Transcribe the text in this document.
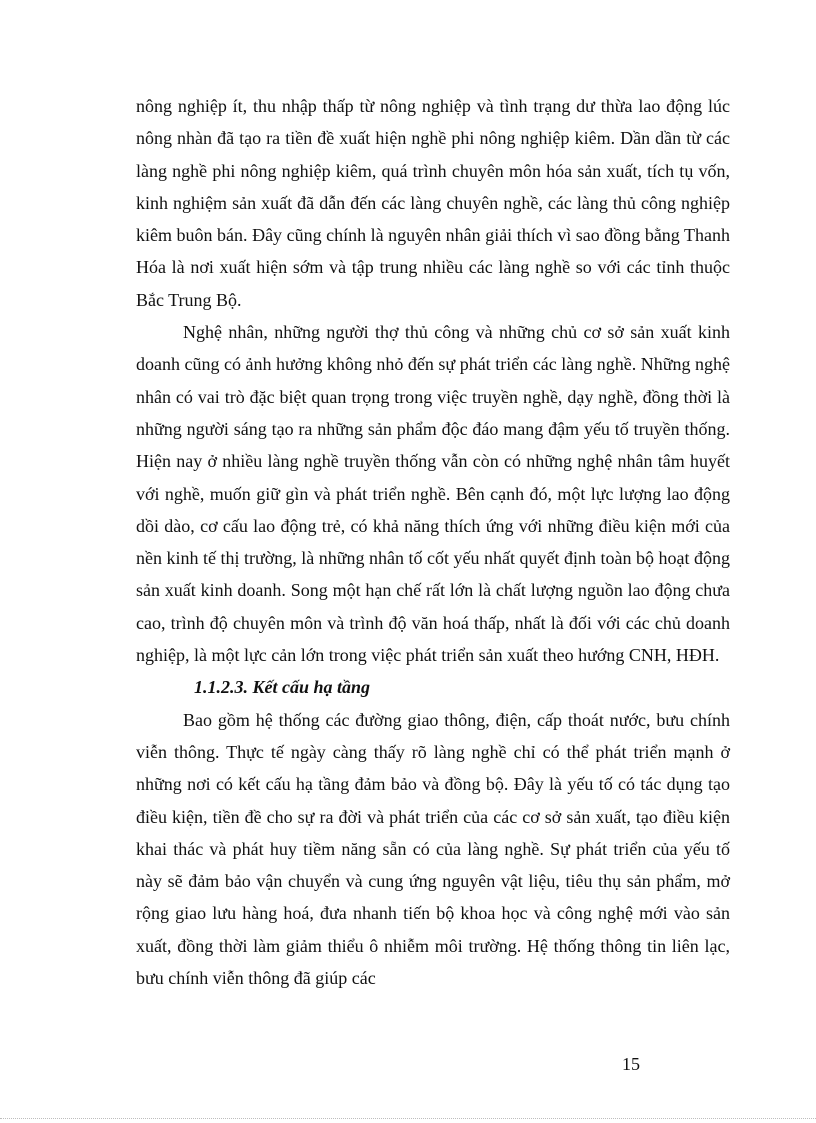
nông nghiệp ít, thu nhập thấp từ nông nghiệp và tình trạng dư thừa lao động lúc nông nhàn đã tạo ra tiền đề xuất hiện nghề phi nông nghiệp kiêm. Dần dần từ các làng nghề phi nông nghiệp kiêm, quá trình chuyên môn hóa sản xuất, tích tụ vốn, kinh nghiệm sản xuất đã dẫn đến các làng chuyên nghề, các làng thủ công nghiệp kiêm buôn bán. Đây cũng chính là nguyên nhân giải thích vì sao đồng bằng Thanh Hóa là nơi xuất hiện sớm và tập trung nhiều các làng nghề so với các tỉnh thuộc Bắc Trung Bộ.

Nghệ nhân, những người thợ thủ công và những chủ cơ sở sản xuất kinh doanh cũng có ảnh hưởng không nhỏ đến sự phát triển các làng nghề. Những nghệ nhân có vai trò đặc biệt quan trọng trong việc truyền nghề, dạy nghề, đồng thời là những người sáng tạo ra những sản phẩm độc đáo mang đậm yếu tố truyền thống. Hiện nay ở nhiều làng nghề truyền thống vẫn còn có những nghệ nhân tâm huyết với nghề, muốn giữ gìn và phát triển nghề. Bên cạnh đó, một lực lượng lao động dồi dào, cơ cấu lao động trẻ, có khả năng thích ứng với những điều kiện mới của nền kinh tế thị trường, là những nhân tố cốt yếu nhất quyết định toàn bộ hoạt động sản xuất kinh doanh. Song một hạn chế rất lớn là chất lượng nguồn lao động chưa cao, trình độ chuyên môn và trình độ văn hoá thấp, nhất là đối với các chủ doanh nghiệp, là một lực cản lớn trong việc phát triển sản xuất theo hướng CNH, HĐH.

1.1.2.3. Kết cấu hạ tầng

Bao gồm hệ thống các đường giao thông, điện, cấp thoát nước, bưu chính viễn thông. Thực tế ngày càng thấy rõ làng nghề chỉ có thể phát triển mạnh ở những nơi có kết cấu hạ tầng đảm bảo và đồng bộ. Đây là yếu tố có tác dụng tạo điều kiện, tiền đề cho sự ra đời và phát triển của các cơ sở sản xuất, tạo điều kiện khai thác và phát huy tiềm năng sẵn có của làng nghề. Sự phát triển của yếu tố này sẽ đảm bảo vận chuyển và cung ứng nguyên vật liệu, tiêu thụ sản phẩm, mở rộng giao lưu hàng hoá, đưa nhanh tiến bộ khoa học và công nghệ mới vào sản xuất, đồng thời làm giảm thiểu ô nhiễm môi trường. Hệ thống thông tin liên lạc, bưu chính viễn thông đã giúp các

15
